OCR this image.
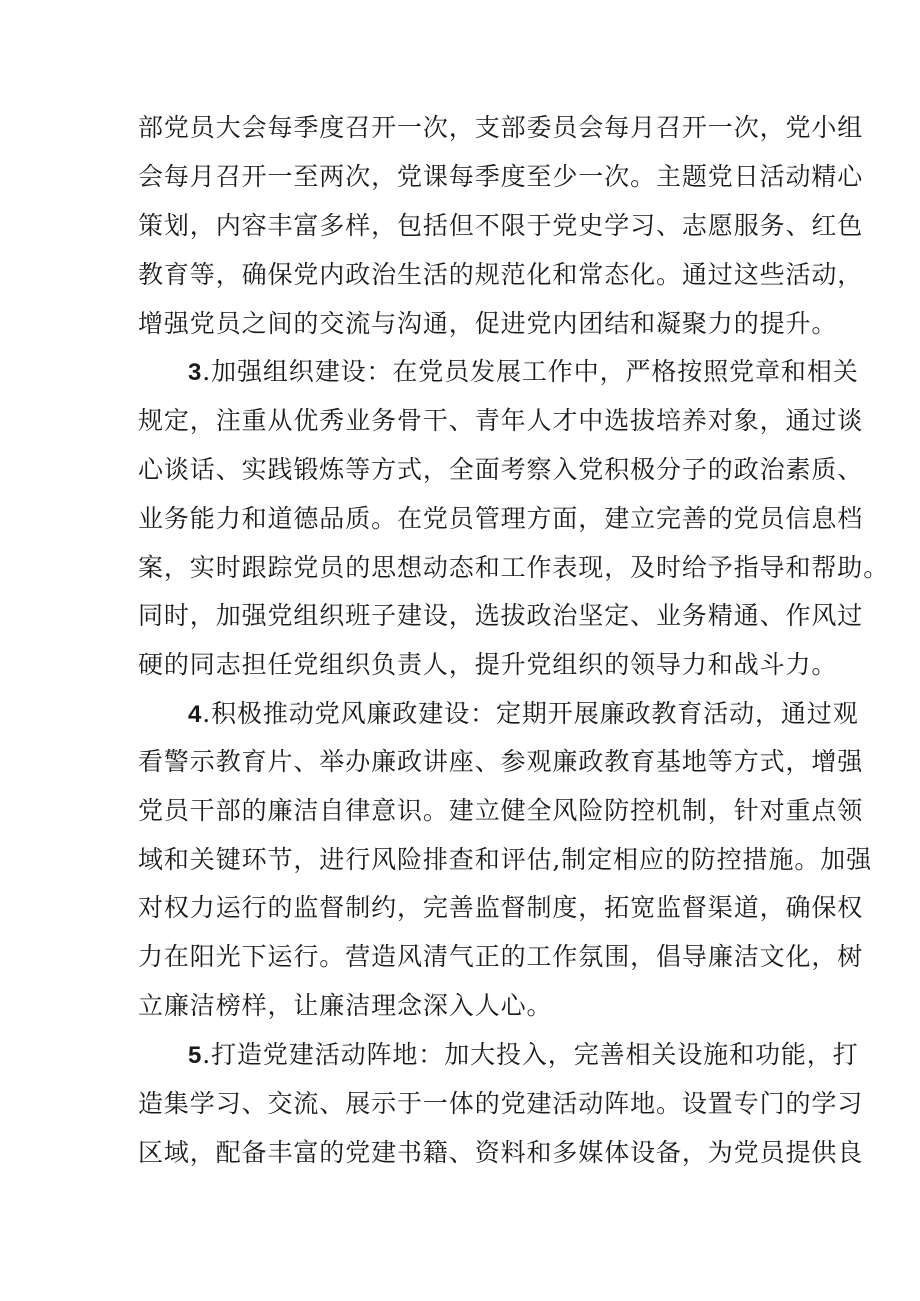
部党员大会每季度召开一次，支部委员会每月召开一次，党小组
会每月召开一至两次，党课每季度至少一次。主题党日活动精心
策划，内容丰富多样，包括但不限于党史学习、志愿服务、红色
教育等，确保党内政治生活的规范化和常态化。通过这些活动，
增强党员之间的交流与沟通，促进党内团结和凝聚力的提升。
3.加强组织建设：在党员发展工作中，严格按照党章和相关
规定，注重从优秀业务骨干、青年人才中选拔培养对象，通过谈
心谈话、实践锻炼等方式，全面考察入党积极分子的政治素质、
业务能力和道德品质。在党员管理方面，建立完善的党员信息档
案，实时跟踪党员的思想动态和工作表现，及时给予指导和帮助。
同时，加强党组织班子建设，选拔政治坚定、业务精通、作风过
硬的同志担任党组织负责人，提升党组织的领导力和战斗力。
4.积极推动党风廉政建设：定期开展廉政教育活动，通过观
看警示教育片、举办廉政讲座、参观廉政教育基地等方式，增强
党员干部的廉洁自律意识。建立健全风险防控机制，针对重点领
域和关键环节，进行风险排查和评估,制定相应的防控措施。加强
对权力运行的监督制约，完善监督制度，拓宽监督渠道，确保权
力在阳光下运行。营造风清气正的工作氛围，倡导廉洁文化，树
立廉洁榜样，让廉洁理念深入人心。
5.打造党建活动阵地：加大投入，完善相关设施和功能，打
造集学习、交流、展示于一体的党建活动阵地。设置专门的学习
区域，配备丰富的党建书籍、资料和多媒体设备，为党员提供良
